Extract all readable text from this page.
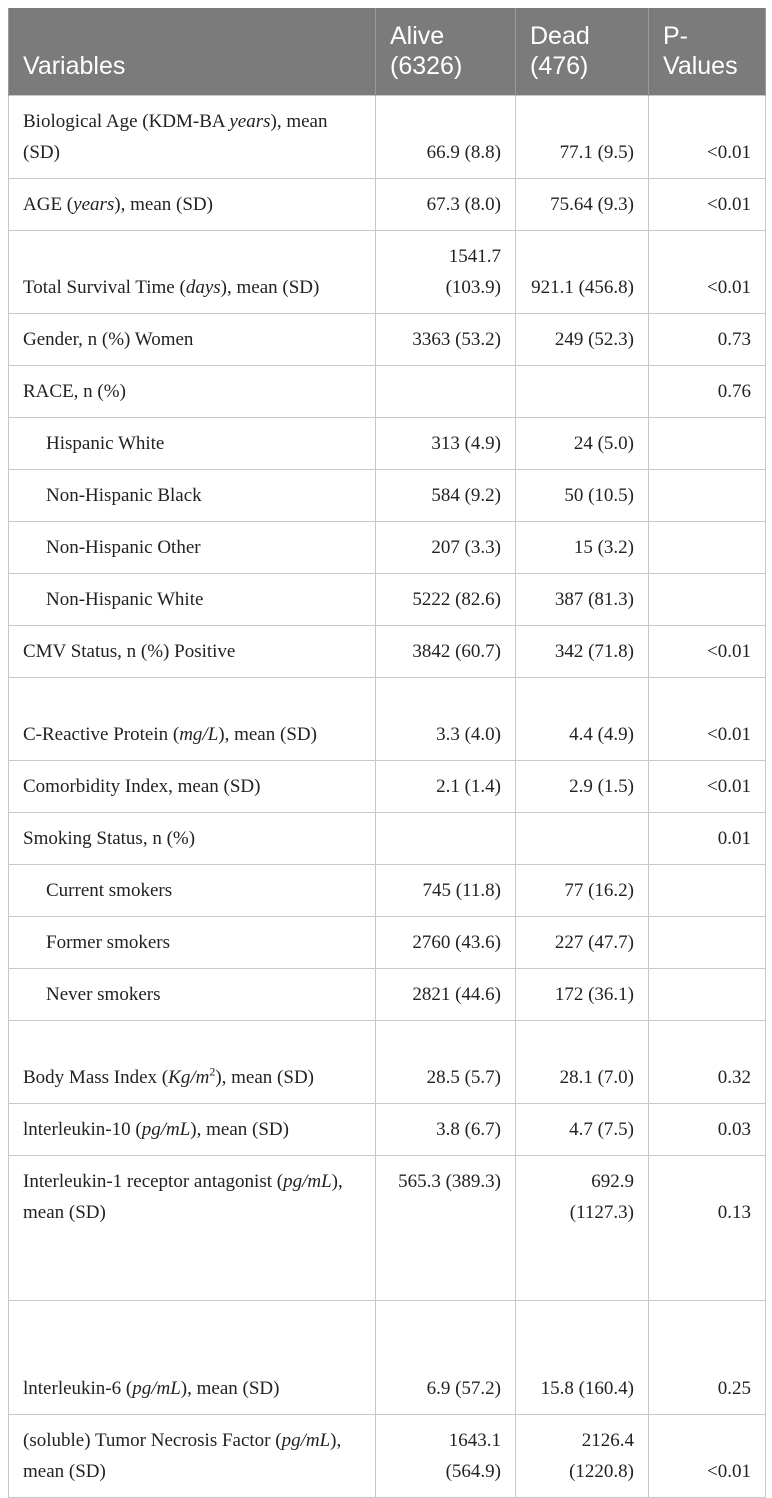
Variables	Alive (6326)	Dead (476)	P-Values
Biological Age (KDM-BA years), mean (SD)	66.9 (8.8)	77.1 (9.5)	<0.01
AGE (years), mean (SD)	67.3 (8.0)	75.64 (9.3)	<0.01
Total Survival Time (days), mean (SD)	1541.7 (103.9)	921.1 (456.8)	<0.01
Gender, n (%) Women	3363 (53.2)	249 (52.3)	0.73
RACE, n (%)			0.76
Hispanic White	313 (4.9)	24 (5.0)	
Non-Hispanic Black	584 (9.2)	50 (10.5)	
Non-Hispanic Other	207 (3.3)	15 (3.2)	
Non-Hispanic White	5222 (82.6)	387 (81.3)	
CMV Status, n (%) Positive	3842 (60.7)	342 (71.8)	<0.01
C-Reactive Protein (mg/L), mean (SD)	3.3 (4.0)	4.4 (4.9)	<0.01
Comorbidity Index, mean (SD)	2.1 (1.4)	2.9 (1.5)	<0.01
Smoking Status, n (%)			0.01
Current smokers	745 (11.8)	77 (16.2)	
Former smokers	2760 (43.6)	227 (47.7)	
Never smokers	2821 (44.6)	172 (36.1)	
Body Mass Index $(Kg/m^2)$, mean (SD)	28.5 (5.7)	28.1 (7.0)	0.32
lnterleukin-10 (pg/mL), mean (SD)	3.8 (6.7)	4.7 (7.5)	0.03
Interleukin-1 receptor antagonist (pg/mL), mean (SD)	565.3 (389.3)	692.9 (1127.3)	0.13
lnterleukin-6 (pg/mL), mean (SD)	6.9 (57.2)	15.8 (160.4)	0.25
(soluble) Tumor Necrosis Factor (pg/mL), mean (SD)	1643.1 (564.9)	2126.4 (1220.8)	<0.01
